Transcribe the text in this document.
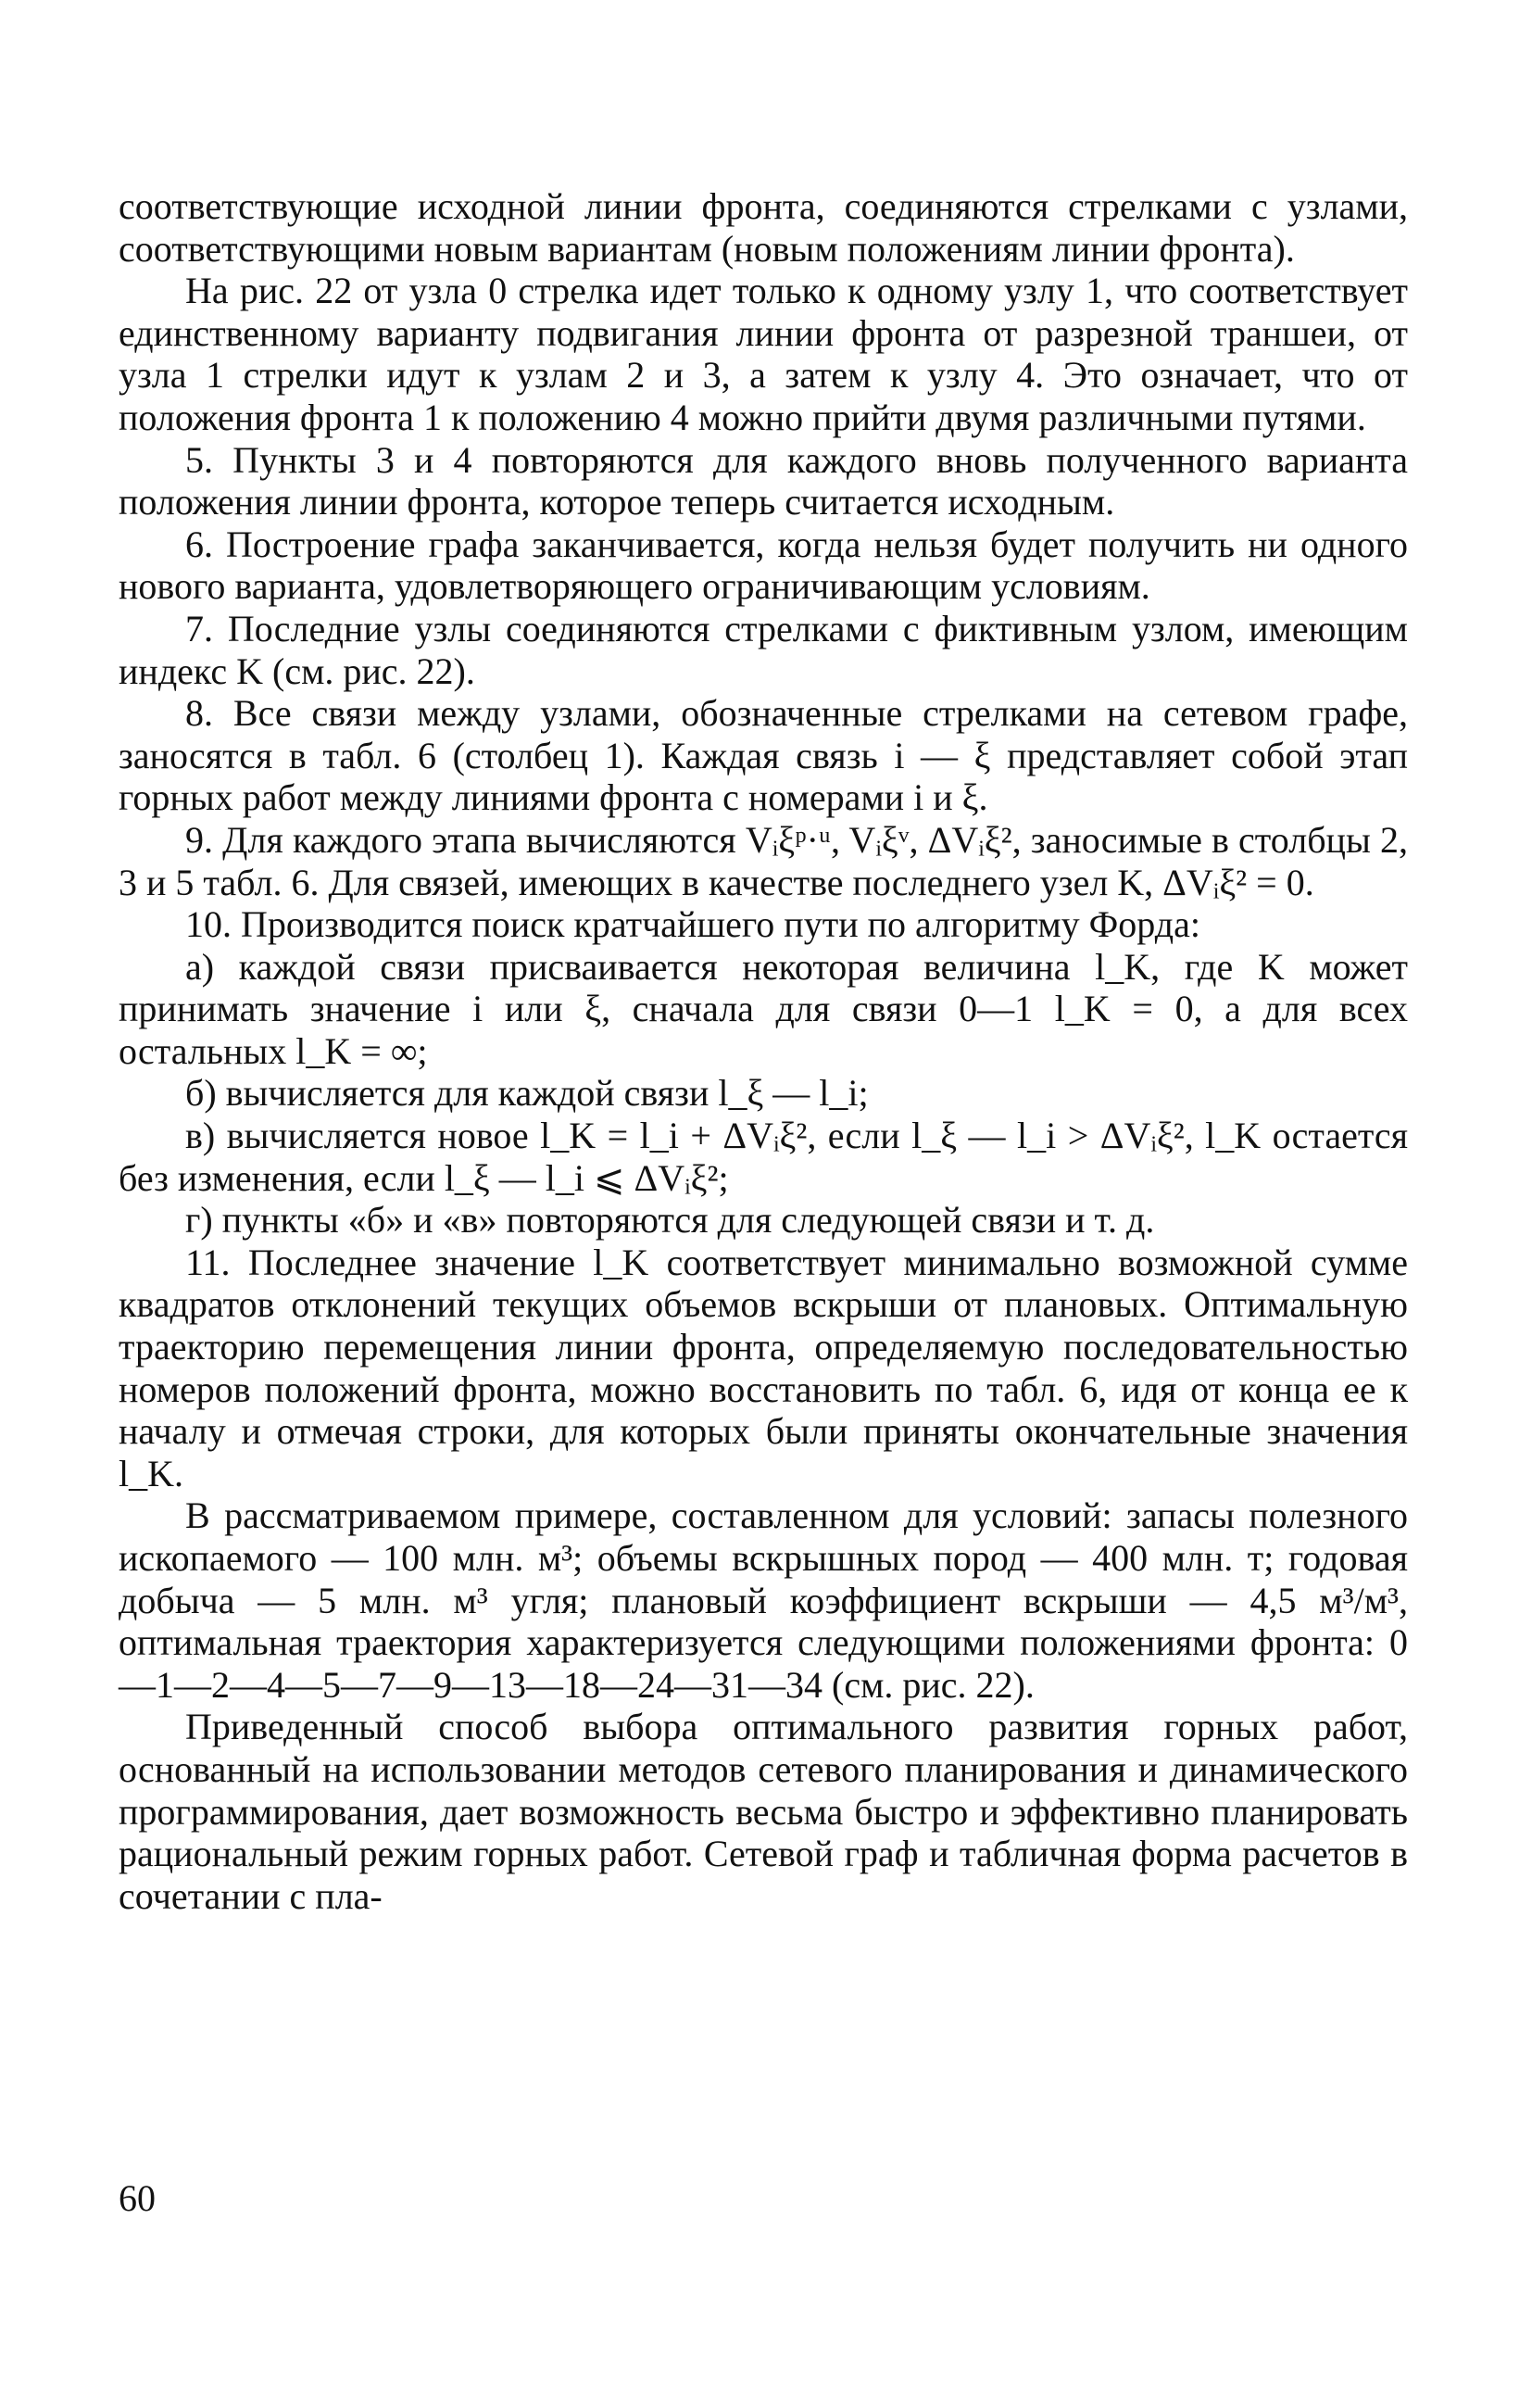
соответствующие исходной линии фронта, соединяются стрелками с узлами, соответствующими новым вариантам (новым положениям линии фронта).

На рис. 22 от узла 0 стрелка идет только к одному узлу 1, что соответствует единственному варианту подвигания линии фронта от разрезной траншеи, от узла 1 стрелки идут к узлам 2 и 3, а затем к узлу 4. Это означает, что от положения фронта 1 к положению 4 можно прийти двумя различными путями.

5. Пункты 3 и 4 повторяются для каждого вновь полученного варианта положения линии фронта, которое теперь считается исходным.

6. Построение графа заканчивается, когда нельзя будет получить ни одного нового варианта, удовлетворяющего ограничивающим условиям.

7. Последние узлы соединяются стрелками с фиктивным узлом, имеющим индекс K (см. рис. 22).

8. Все связи между узлами, обозначенные стрелками на сетевом графе, заносятся в табл. 6 (столбец 1). Каждая связь i — ξ представляет собой этап горных работ между линиями фронта с номерами i и ξ.

9. Для каждого этапа вычисляются Vᵢξᵖ·ᵘ, Vᵢξᵛ, ΔVᵢξ², заносимые в столбцы 2, 3 и 5 табл. 6. Для связей, имеющих в качестве последнего узел K, ΔVᵢξ² = 0.

10. Производится поиск кратчайшего пути по алгоритму Форда:

а) каждой связи присваивается некоторая величина l_K, где K может принимать значение i или ξ, сначала для связи 0—1 l_K = 0, а для всех остальных l_K = ∞;

б) вычисляется для каждой связи l_ξ — l_i;

в) вычисляется новое l_K = l_i + ΔVᵢξ², если l_ξ — l_i > ΔVᵢξ², l_K остается без изменения, если l_ξ — l_i ⩽ ΔVᵢξ²;

г) пункты «б» и «в» повторяются для следующей связи и т. д.

11. Последнее значение l_K соответствует минимально возможной сумме квадратов отклонений текущих объемов вскрыши от плановых. Оптимальную траекторию перемещения линии фронта, определяемую последовательностью номеров положений фронта, можно восстановить по табл. 6, идя от конца ее к началу и отмечая строки, для которых были приняты окончательные значения l_K.

В рассматриваемом примере, составленном для условий: запасы полезного ископаемого — 100 млн. м³; объемы вскрышных пород — 400 млн. т; годовая добыча — 5 млн. м³ угля; плановый коэффициент вскрыши — 4,5 м³/м³, оптимальная траектория характеризуется следующими положениями фронта: 0—1—2—4—5—7—9—13—18—24—31—34 (см. рис. 22).

Приведенный способ выбора оптимального развития горных работ, основанный на использовании методов сетевого планирования и динамического программирования, дает возможность весьма быстро и эффективно планировать рациональный режим горных работ. Сетевой граф и табличная форма расчетов в сочетании с пла-

60
